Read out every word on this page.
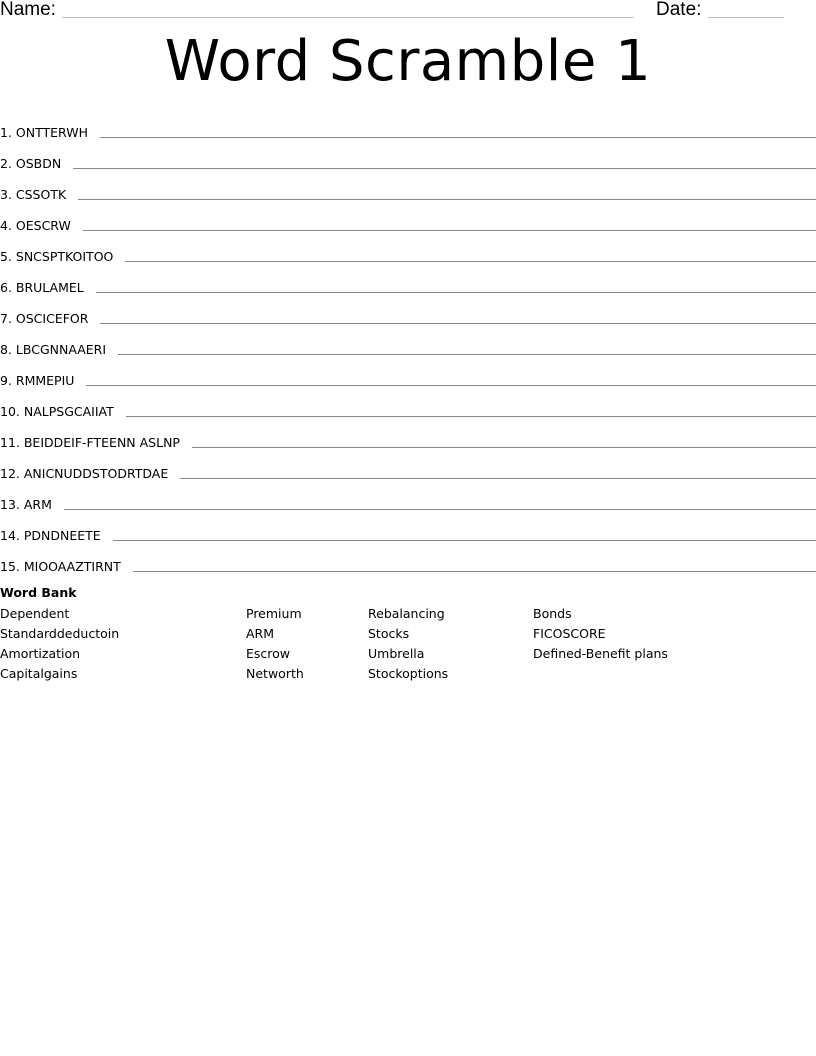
Name:	Date:
Word Scramble 1
1. ONTTERWH
2. OSBDN
3. CSSOTK
4. OESCRW
5. SNCSPTKOITOO
6. BRULAMEL
7. OSCICEFOR
8. LBCGNNAAERI
9. RMMEPIU
10. NALPSGCAIIAT
11. BEIDDEIF-FTEENN ASLNP
12. ANICNUDDSTODRTDAE
13. ARM
14. PDNDNEETE
15. MIOOAAZTIRNT
Word Bank
Dependent
Standarddeductoin
Amortization
Capitalgains
Premium
ARM
Escrow
Networth
Rebalancing
Stocks
Umbrella
Stockoptions
Bonds
FICOSCORE
Defined-Benefit plans
